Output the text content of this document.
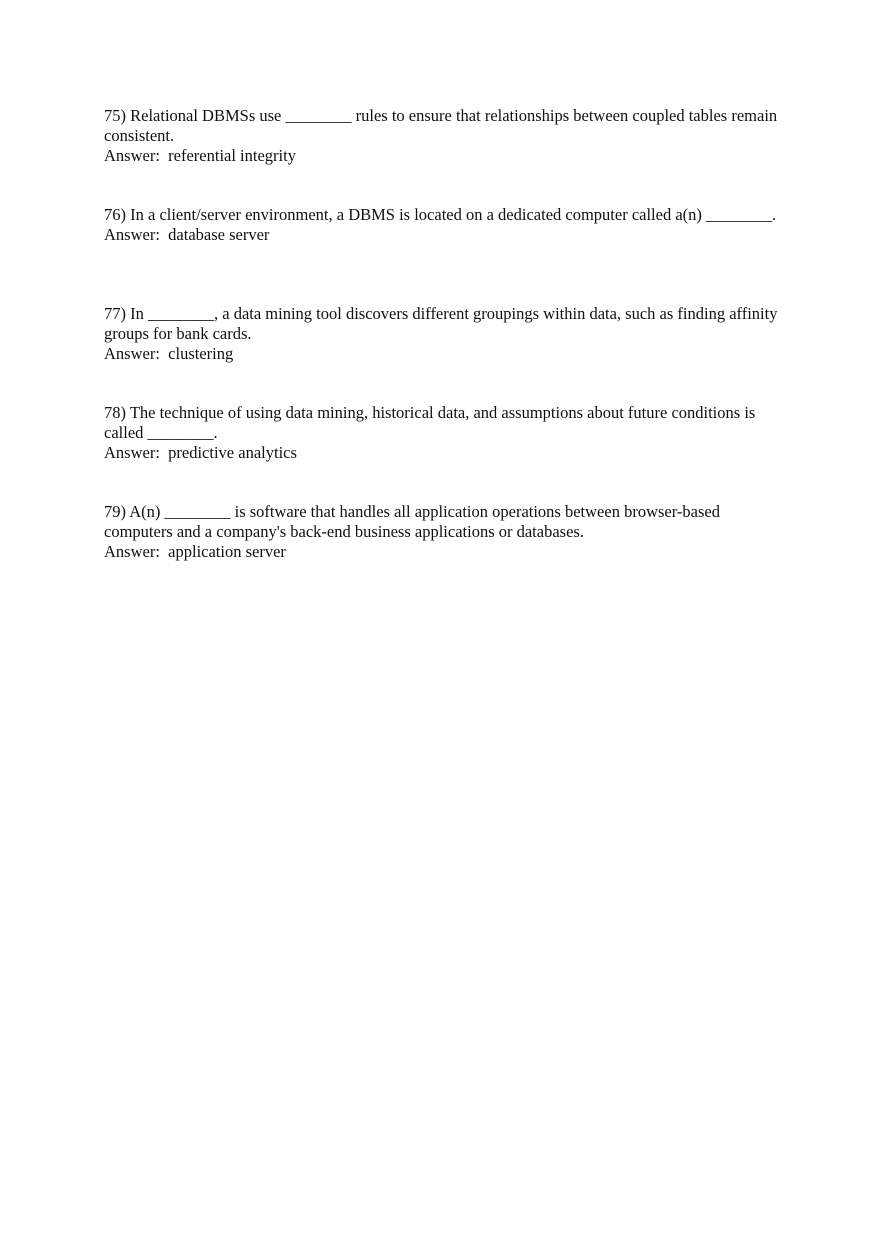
75) Relational DBMSs use ________ rules to ensure that relationships between coupled tables remain consistent.

Answer: referential integrity

76) In a client/server environment, a DBMS is located on a dedicated computer called a(n) ________.

Answer: database server

77) In ________, a data mining tool discovers different groupings within data, such as finding affinity groups for bank cards.

Answer: clustering

78) The technique of using data mining, historical data, and assumptions about future conditions is called ________.

Answer: predictive analytics

79) A(n) ________ is software that handles all application operations between browser-based computers and a company's back-end business applications or databases.

Answer: application server
